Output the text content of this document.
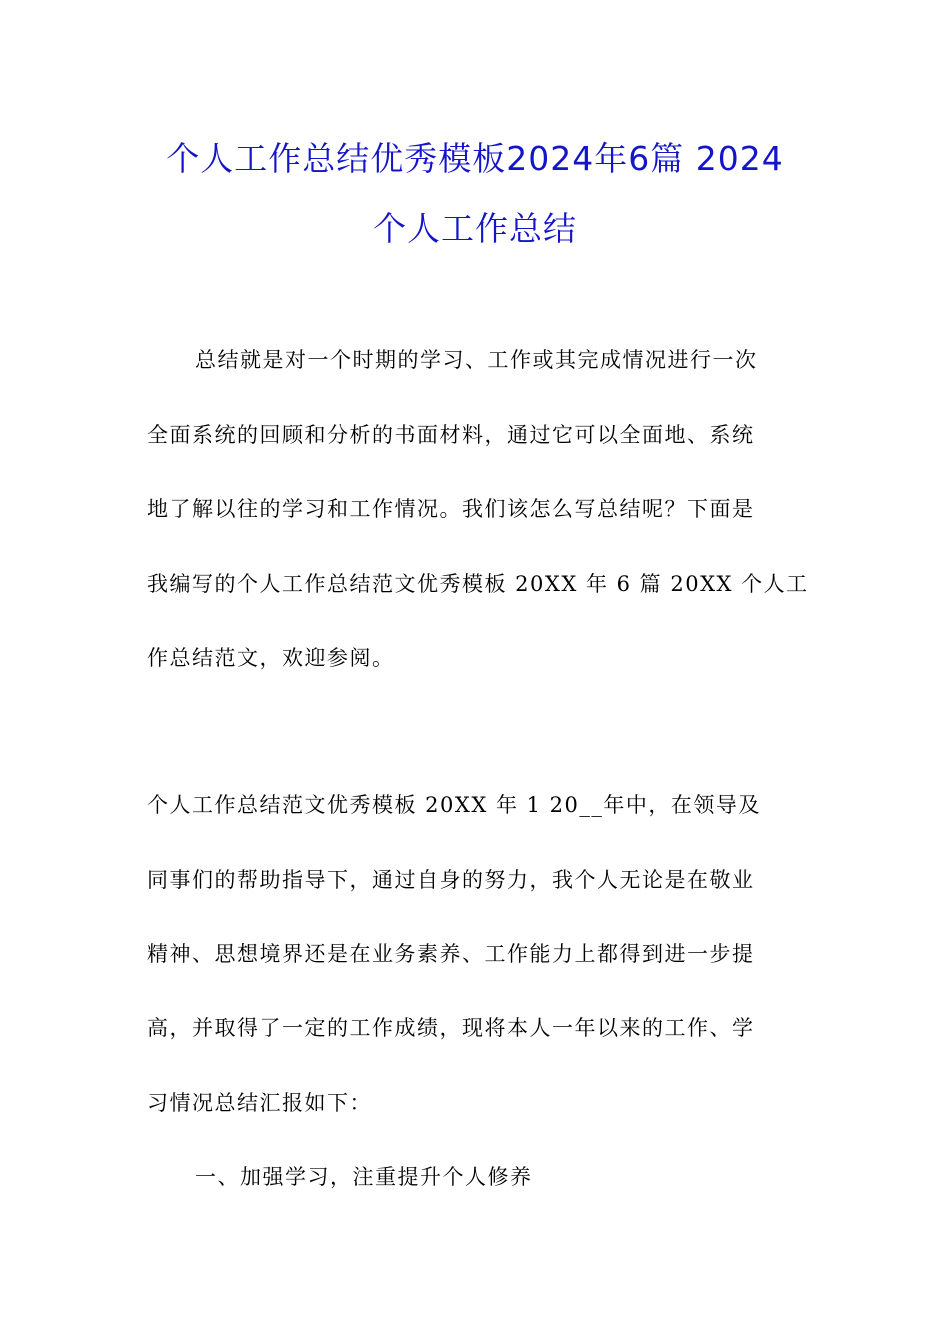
个人工作总结优秀模板2024年6篇 2024
个人工作总结
总结就是对一个时期的学习、工作或其完成情况进行一次
全面系统的回顾和分析的书面材料，通过它可以全面地、系统
地了解以往的学习和工作情况。我们该怎么写总结呢？下面是
我编写的个人工作总结范文优秀模板 20XX 年 6 篇 20XX 个人工
作总结范文，欢迎参阅。
个人工作总结范文优秀模板 20XX 年 1 20__年中，在领导及
同事们的帮助指导下，通过自身的努力，我个人无论是在敬业
精神、思想境界还是在业务素养、工作能力上都得到进一步提
高，并取得了一定的工作成绩，现将本人一年以来的工作、学
习情况总结汇报如下：
一、加强学习，注重提升个人修养
